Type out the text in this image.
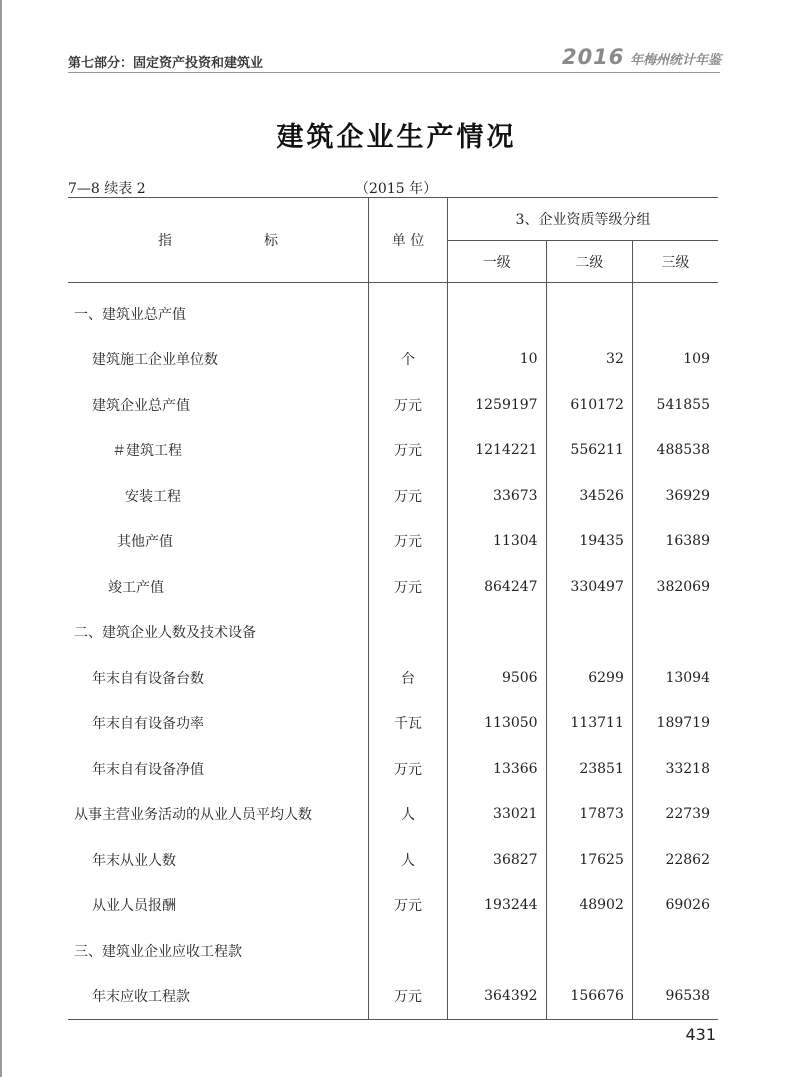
第七部分：固定资产投资和建筑业	2016 年梅州统计年鉴
建筑企业生产情况
7—8 续表 2	（2015 年）
指　标	单 位	3、企业资质等级分组		
		一级	二级	三级
一、建筑业总产值				
建筑施工企业单位数	个	10	32	109
建筑企业总产值	万元	1259197	610172	541855
＃建筑工程	万元	1214221	556211	488538
安装工程	万元	33673	34526	36929
其他产值	万元	11304	19435	16389
竣工产值	万元	864247	330497	382069
二、建筑企业人数及技术设备				
年末自有设备台数	台	9506	6299	13094
年末自有设备功率	千瓦	113050	113711	189719
年末自有设备净值	万元	13366	23851	33218
从事主营业务活动的从业人员平均人数	人	33021	17873	22739
年末从业人数	人	36827	17625	22862
从业人员报酬	万元	193244	48902	69026
三、建筑业企业应收工程款				
年末应收工程款	万元	364392	156676	96538
431
